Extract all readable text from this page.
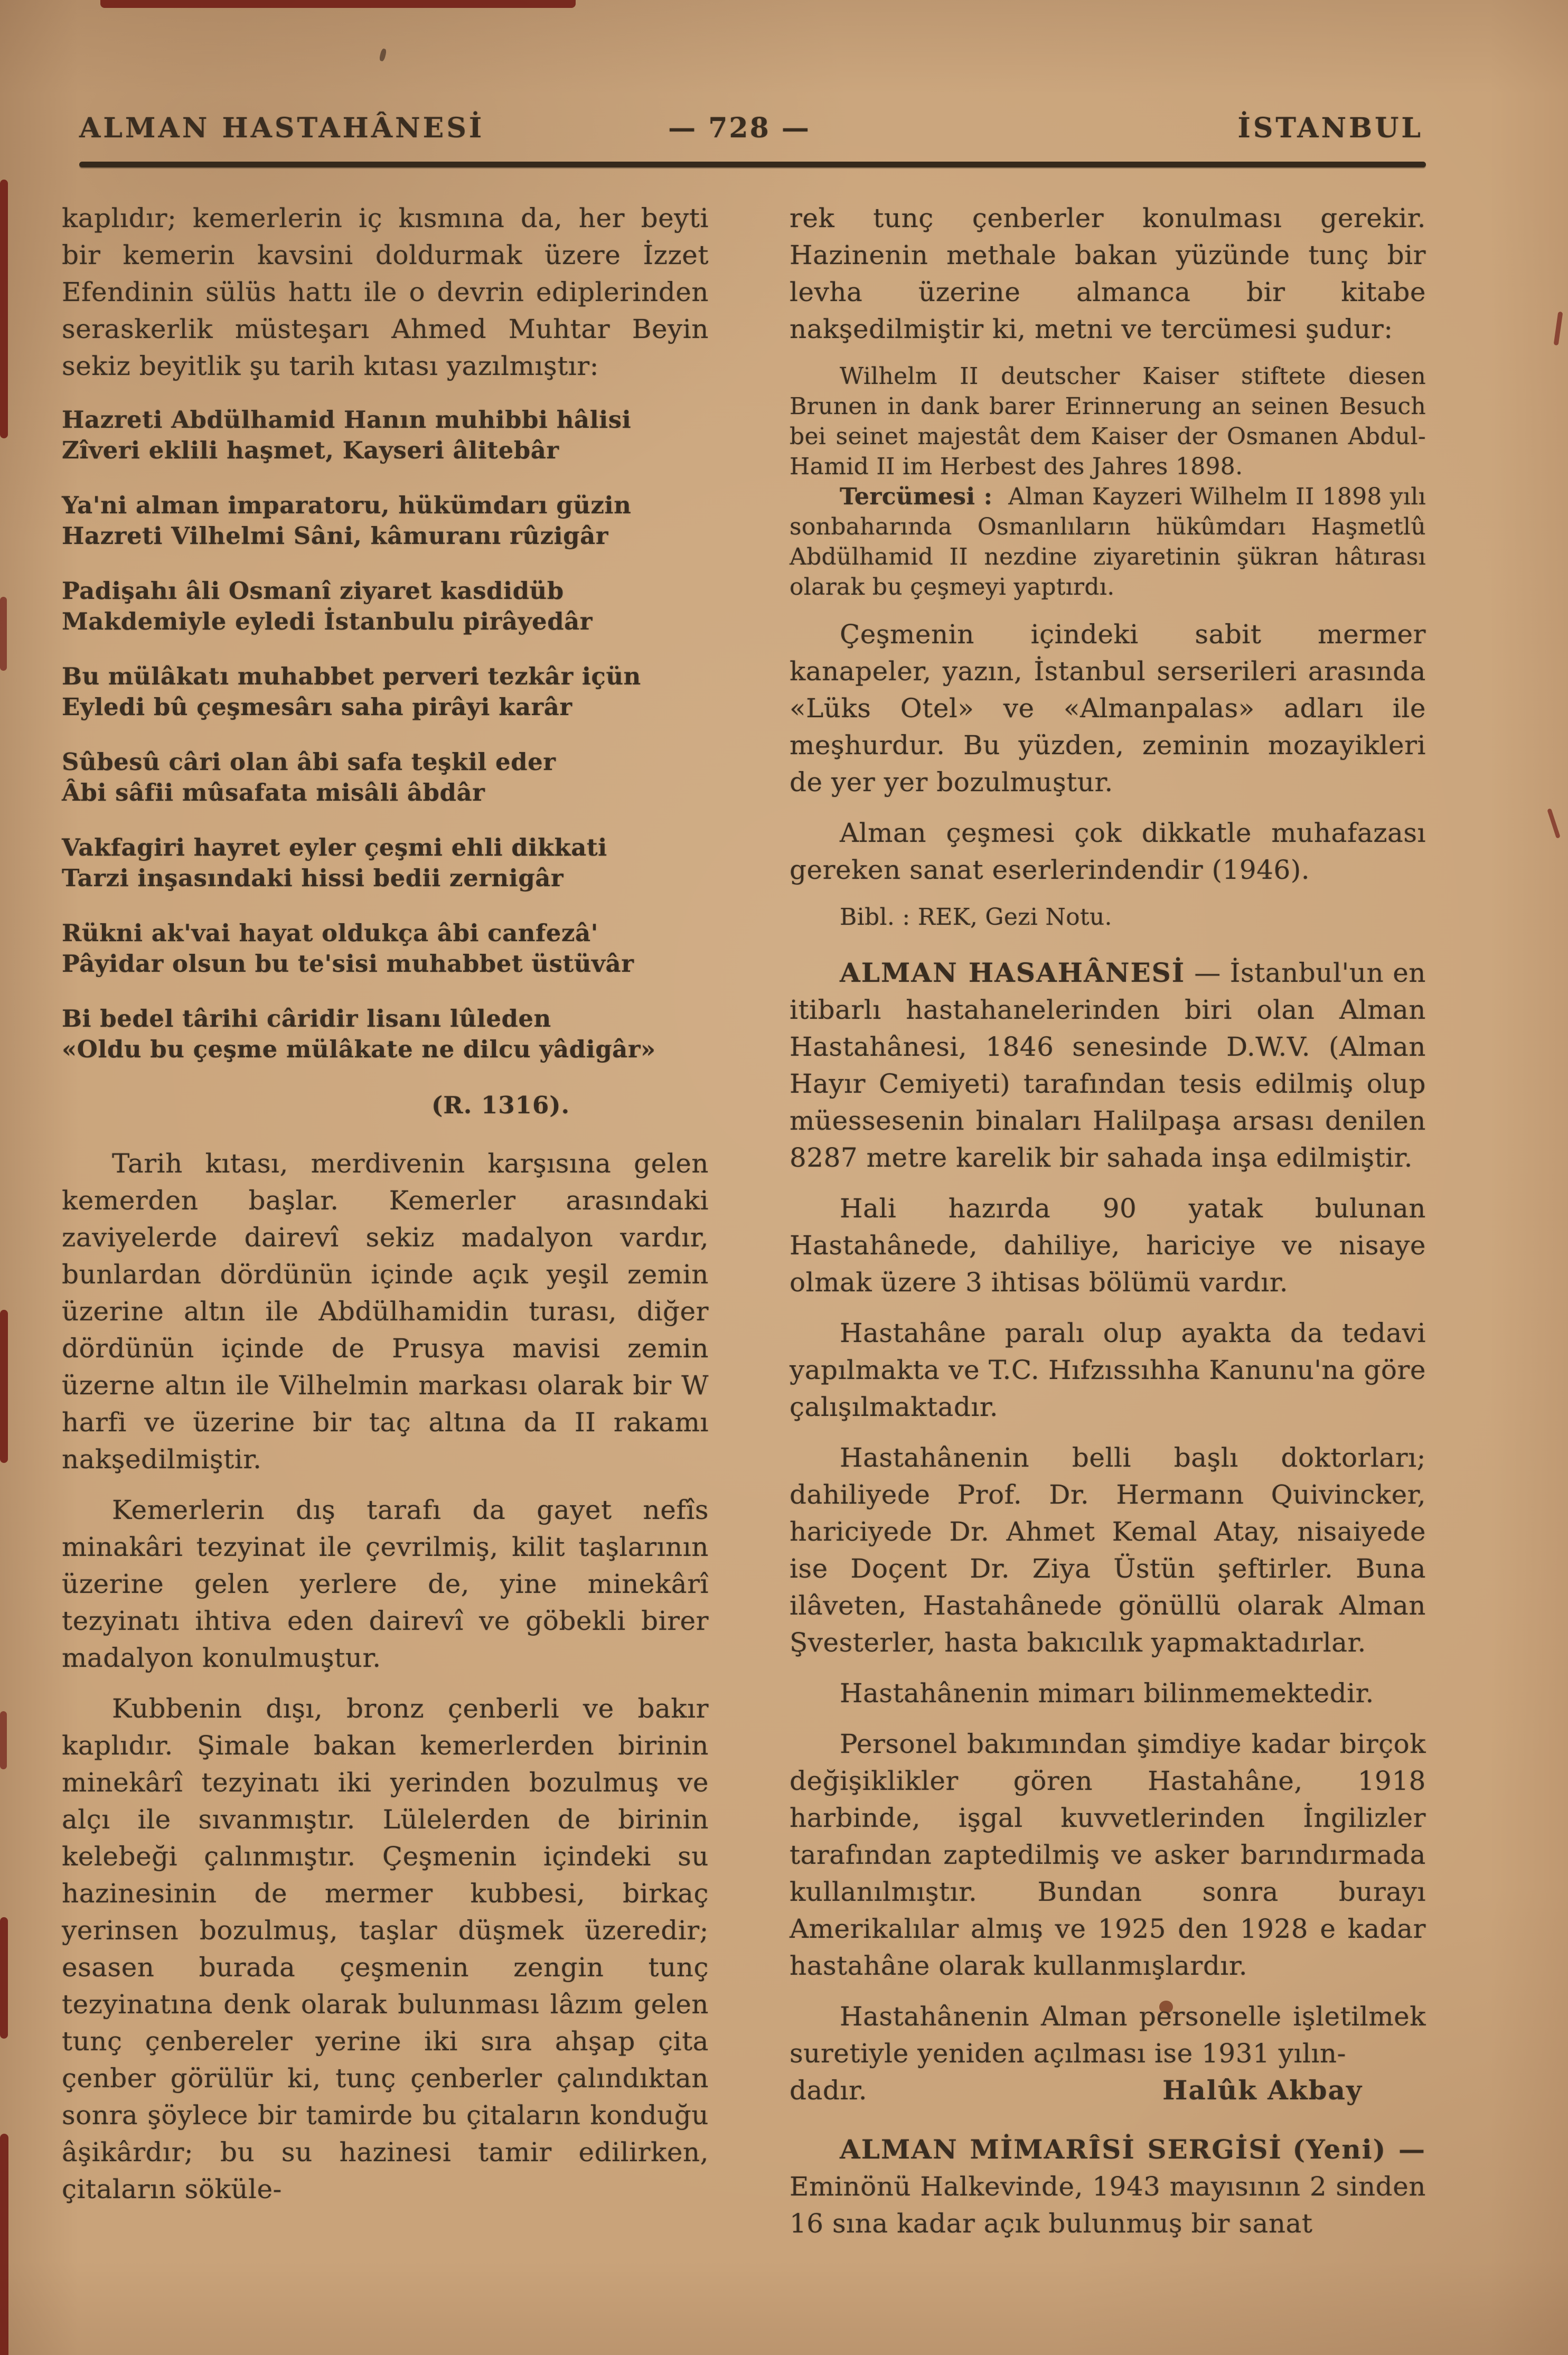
ALMAN HASTAHÂNESİ	— 728 —	İSTANBUL

kaplıdır; kemerlerin iç kısmına da, her beyti bir kemerin kavsini doldurmak üzere İzzet Efendinin sülüs hattı ile o devrin ediplerinden seraskerlik müsteşarı Ahmed Muhtar Beyin sekiz beyitlik şu tarih kıtası yazılmıştır:

Hazreti Abdülhamid Hanın muhibbi hâlisi
Zîveri eklili haşmet, Kayseri âlitebâr
Ya'ni alman imparatoru, hükümdarı güzin
Hazreti Vilhelmi Sâni, kâmuranı rûzigâr
Padişahı âli Osmanî ziyaret kasdidüb
Makdemiyle eyledi İstanbulu pirâyedâr
Bu mülâkatı muhabbet perveri tezkâr içün
Eyledi bû çeşmesârı saha pirâyi karâr
Sûbesû câri olan âbi safa teşkil eder
Âbi sâfii mûsafata misâli âbdâr
Vakfagiri hayret eyler çeşmi ehli dikkati
Tarzi inşasındaki hissi bedii zernigâr
Rükni ak'vai hayat oldukça âbi canfezâ'
Pâyidar olsun bu te'sisi muhabbet üstüvâr
Bi bedel târihi câridir lisanı lûleden
«Oldu bu çeşme mülâkate ne dilcu yâdigâr»
(R. 1316).

Tarih kıtası, merdivenin karşısına gelen kemerden başlar. Kemerler arasındaki zaviyelerde dairevî sekiz madalyon vardır, bunlardan dördünün içinde açık yeşil zemin üzerine altın ile Abdülhamidin turası, diğer dördünün içinde de Prusya mavisi zemin üzerne altın ile Vilhelmin markası olarak bir W harfi ve üzerine bir taç altına da II rakamı nakşedilmiştir.

Kemerlerin dış tarafı da gayet nefîs minakâri tezyinat ile çevrilmiş, kilit taşlarının üzerine gelen yerlere de, yine minekârî tezyinatı ihtiva eden dairevî ve göbekli birer madalyon konulmuştur.

Kubbenin dışı, bronz çenberli ve bakır kaplıdır. Şimale bakan kemerlerden birinin minekârî tezyinatı iki yerinden bozulmuş ve alçı ile sıvanmıştır. Lülelerden de birinin kelebeği çalınmıştır. Çeşmenin içindeki su hazinesinin de mermer kubbesi, birkaç yerinsen bozulmuş, taşlar düşmek üzeredir; esasen burada çeşmenin zengin tunç tezyinatına denk olarak bulunması lâzım gelen tunç çenbereler yerine iki sıra ahşap çita çenber görülür ki, tunç çenberler çalındıktan sonra şöylece bir tamirde bu çitaların konduğu âşikârdır; bu su hazinesi tamir edilirken, çitaların söküle-

rek tunç çenberler konulması gerekir. Hazinenin methale bakan yüzünde tunç bir levha üzerine almanca bir kitabe nakşedilmiştir ki, metni ve tercümesi şudur:

Wilhelm II deutscher Kaiser stiftete diesen Brunen in dank barer Erinnerung an seinen Besuch bei seinet majestât dem Kaiser der Osmanen Abdul-Hamid II im Herbest des Jahres 1898.

Tercümesi : Alman Kayzeri Wilhelm II 1898 yılı sonbaharında Osmanlıların hükûmdarı Haşmetlû Abdülhamid II nezdine ziyaretinin şükran hâtırası olarak bu çeşmeyi yaptırdı.

Çeşmenin içindeki sabit mermer kanapeler, yazın, İstanbul serserileri arasında «Lüks Otel» ve «Almanpalas» adları ile meşhurdur. Bu yüzden, zeminin mozayikleri de yer yer bozulmuştur.

Alman çeşmesi çok dikkatle muhafazası gereken sanat eserlerindendir (1946).

Bibl. : REK, Gezi Notu.

ALMAN HASAHÂNESİ — İstanbul'un en itibarlı hastahanelerinden biri olan Alman Hastahânesi, 1846 senesinde D.W.V. (Alman Hayır Cemiyeti) tarafından tesis edilmiş olup müessesenin binaları Halilpaşa arsası denilen 8287 metre karelik bir sahada inşa edilmiştir.

Hali hazırda 90 yatak bulunan Hastahânede, dahiliye, hariciye ve nisaye olmak üzere 3 ihtisas bölümü vardır.

Hastahâne paralı olup ayakta da tedavi yapılmakta ve T.C. Hıfzıssıhha Kanunu'na göre çalışılmaktadır.

Hastahânenin belli başlı doktorları; dahiliyede Prof. Dr. Hermann Quivincker, hariciyede Dr. Ahmet Kemal Atay, nisaiyede ise Doçent Dr. Ziya Üstün şeftirler. Buna ilâveten, Hastahânede gönüllü olarak Alman Şvesterler, hasta bakıcılık yapmaktadırlar.

Hastahânenin mimarı bilinmemektedir.

Personel bakımından şimdiye kadar birçok değişiklikler gören Hastahâne, 1918 harbinde, işgal kuvvetlerinden İngilizler tarafından zaptedilmiş ve asker barındırmada kullanılmıştır. Bundan sonra burayı Amerikalılar almış ve 1925 den 1928 e kadar hastahâne olarak kullanmışlardır.

Hastahânenin Alman personelle işletilmek suretiyle yeniden açılması ise 1931 yılın-

dadır.	Halûk Akbay

ALMAN MİMARÎSİ SERGİSİ (Yeni) — Eminönü Halkevinde, 1943 mayısının 2 sinden 16 sına kadar açık bulunmuş bir sanat
